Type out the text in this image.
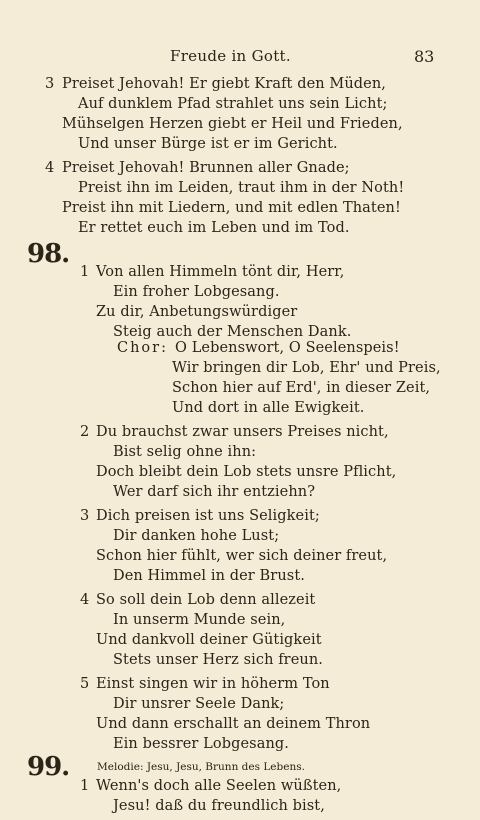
Freude in Gott.	83
3 Preiset Jehovah! Er giebt Kraft den Müden,
Auf dunklem Pfad strahlet uns sein Licht;
Mühselgen Herzen giebt er Heil und Frieden,
Und unser Bürge ist er im Gericht.
4 Preiset Jehovah! Brunnen aller Gnade;
Preist ihn im Leiden, traut ihm in der Noth!
Preist ihn mit Liedern, und mit edlen Thaten!
Er rettet euch im Leben und im Tod.
98.
1 Von allen Himmeln tönt dir, Herr,
Ein froher Lobgesang.
Zu dir, Anbetungswürdiger
Steig auch der Menschen Dank.
Chor: O Lebenswort, O Seelenspeis!
Wir bringen dir Lob, Ehr' und Preis,
Schon hier auf Erd', in dieser Zeit,
Und dort in alle Ewigkeit.
2 Du brauchst zwar unsers Preises nicht,
Bist selig ohne ihn:
Doch bleibt dein Lob stets unsre Pflicht,
Wer darf sich ihr entziehn?
3 Dich preisen ist uns Seligkeit;
Dir danken hohe Lust;
Schon hier fühlt, wer sich deiner freut,
Den Himmel in der Brust.
4 So soll dein Lob denn allezeit
In unserm Munde sein,
Und dankvoll deiner Gütigkeit
Stets unser Herz sich freun.
5 Einst singen wir in höherm Ton
Dir unsrer Seele Dank;
Und dann erschallt an deinem Thron
Ein bessrer Lobgesang.
99.	Melodie: Jesu, Jesu, Brunn des Lebens.
1 Wenn's doch alle Seelen wüßten,
Jesu! daß du freundlich bist,
